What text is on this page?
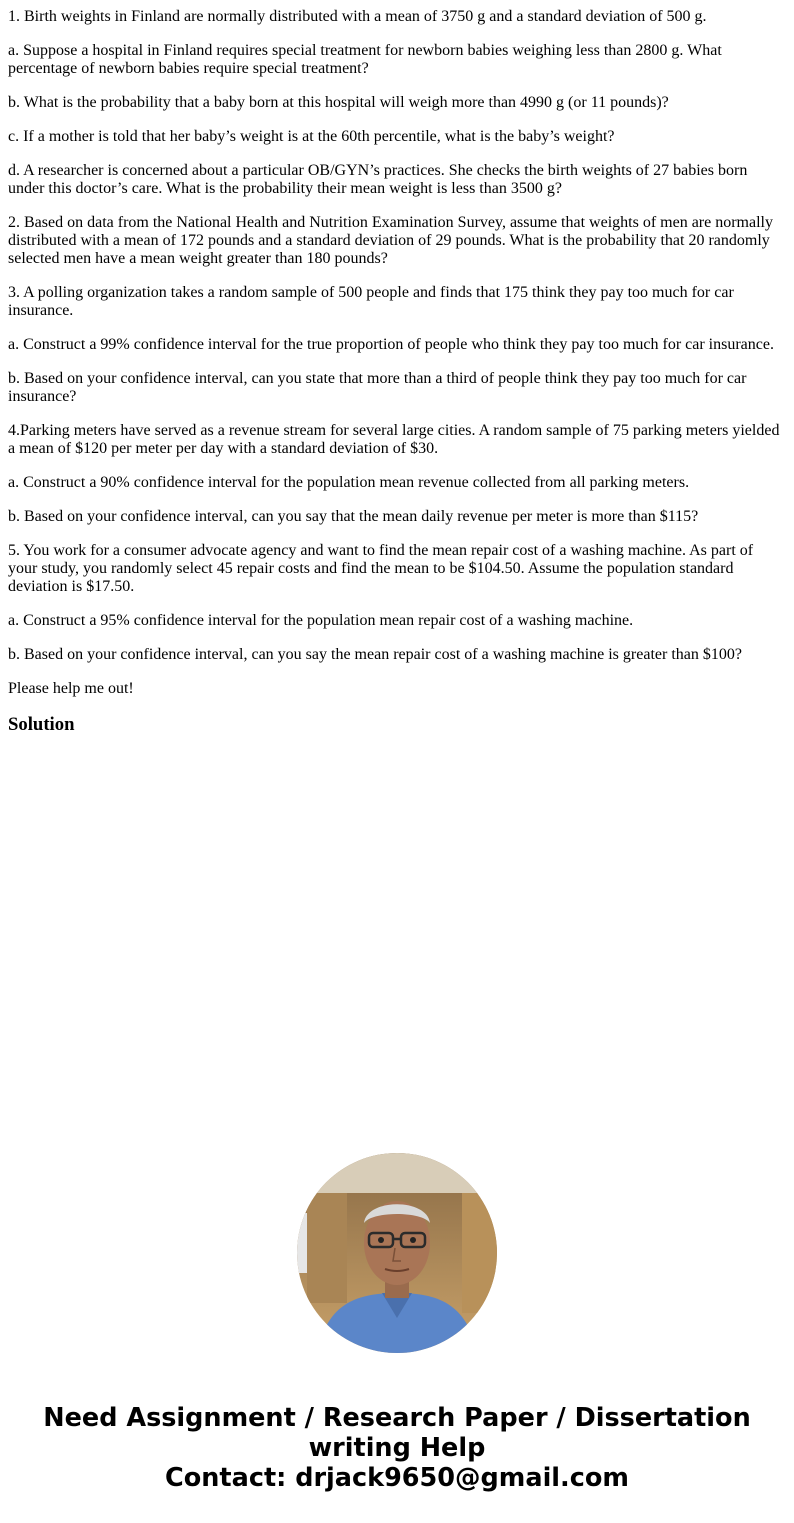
1. Birth weights in Finland are normally distributed with a mean of 3750 g and a standard deviation of 500 g.

a. Suppose a hospital in Finland requires special treatment for newborn babies weighing less than 2800 g. What percentage of newborn babies require special treatment?

b. What is the probability that a baby born at this hospital will weigh more than 4990 g (or 11 pounds)?

c. If a mother is told that her baby’s weight is at the 60th percentile, what is the baby’s weight?

d. A researcher is concerned about a particular OB/GYN’s practices. She checks the birth weights of 27 babies born under this doctor’s care. What is the probability their mean weight is less than 3500 g?

2. Based on data from the National Health and Nutrition Examination Survey, assume that weights of men are normally distributed with a mean of 172 pounds and a standard deviation of 29 pounds. What is the probability that 20 randomly selected men have a mean weight greater than 180 pounds?

3. A polling organization takes a random sample of 500 people and finds that 175 think they pay too much for car insurance.

a. Construct a 99% confidence interval for the true proportion of people who think they pay too much for car insurance.

b. Based on your confidence interval, can you state that more than a third of people think they pay too much for car insurance?

4.Parking meters have served as a revenue stream for several large cities. A random sample of 75 parking meters yielded a mean of $120 per meter per day with a standard deviation of $30.

a. Construct a 90% confidence interval for the population mean revenue collected from all parking meters.

b. Based on your confidence interval, can you say that the mean daily revenue per meter is more than $115?

5. You work for a consumer advocate agency and want to find the mean repair cost of a washing machine. As part of your study, you randomly select 45 repair costs and find the mean to be $104.50. Assume the population standard deviation is $17.50.

a. Construct a 95% confidence interval for the population mean repair cost of a washing machine.

b. Based on your confidence interval, can you say the mean repair cost of a washing machine is greater than $100?

Please help me out!

Solution
Need Assignment / Research Paper / Dissertation
writing Help
Contact: drjack9650@gmail.com
